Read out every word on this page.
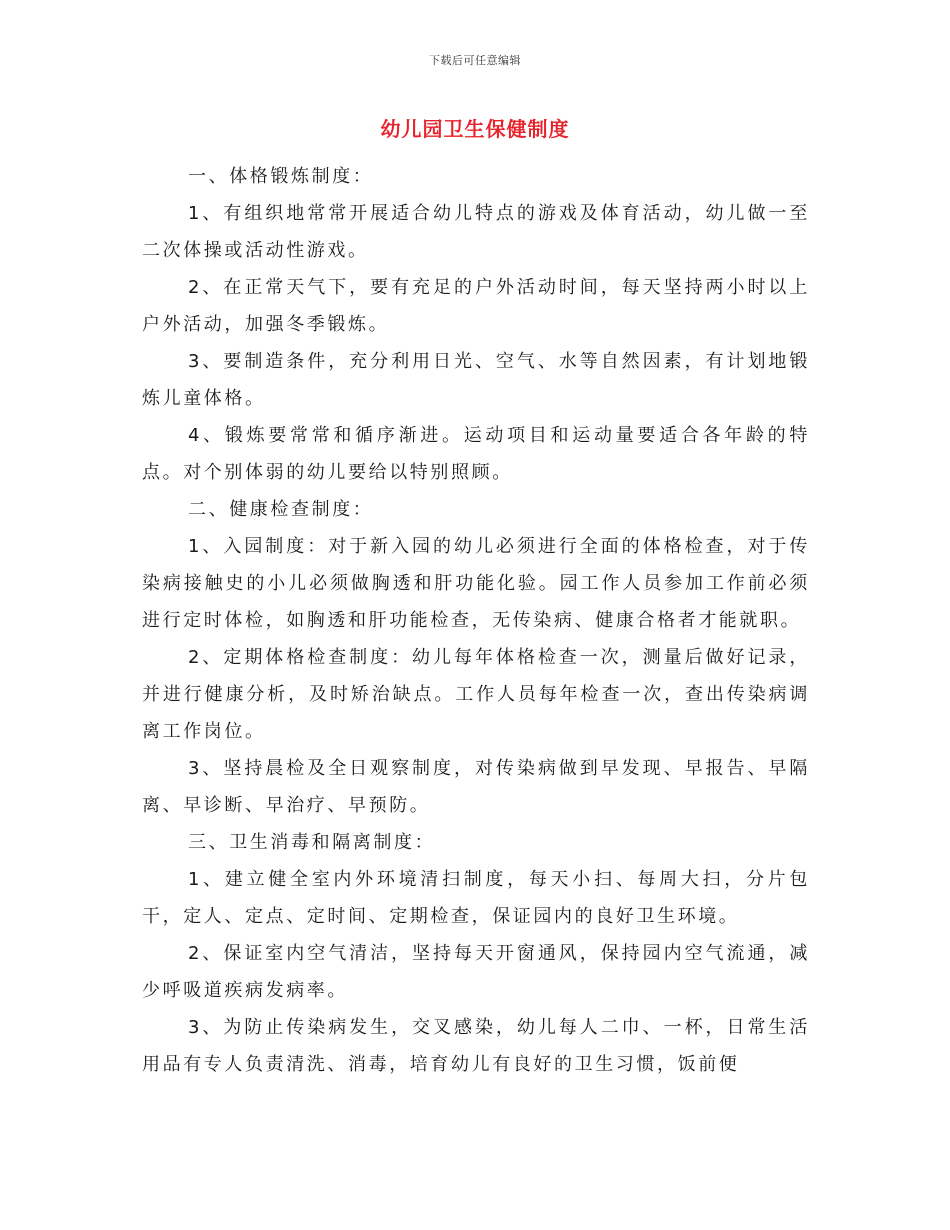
下载后可任意编辑
幼儿园卫生保健制度

一、体格锻炼制度：

1、有组织地常常开展适合幼儿特点的游戏及体育活动，幼儿做一至二次体操或活动性游戏。

2、在正常天气下，要有充足的户外活动时间，每天坚持两小时以上户外活动，加强冬季锻炼。

3、要制造条件，充分利用日光、空气、水等自然因素，有计划地锻炼儿童体格。

4、锻炼要常常和循序渐进。运动项目和运动量要适合各年龄的特点。对个别体弱的幼儿要给以特别照顾。

二、健康检查制度：

1、入园制度：对于新入园的幼儿必须进行全面的体格检查，对于传染病接触史的小儿必须做胸透和肝功能化验。园工作人员参加工作前必须进行定时体检，如胸透和肝功能检查，无传染病、健康合格者才能就职。

2、定期体格检查制度：幼儿每年体格检查一次，测量后做好记录，并进行健康分析，及时矫治缺点。工作人员每年检查一次，查出传染病调离工作岗位。

3、坚持晨检及全日观察制度，对传染病做到早发现、早报告、早隔离、早诊断、早治疗、早预防。

三、卫生消毒和隔离制度：

1、建立健全室内外环境清扫制度，每天小扫、每周大扫，分片包干，定人、定点、定时间、定期检查，保证园内的良好卫生环境。

2、保证室内空气清洁，坚持每天开窗通风，保持园内空气流通，减少呼吸道疾病发病率。

3、为防止传染病发生，交叉感染，幼儿每人二巾、一杯，日常生活用品有专人负责清洗、消毒，培育幼儿有良好的卫生习惯，饭前便
